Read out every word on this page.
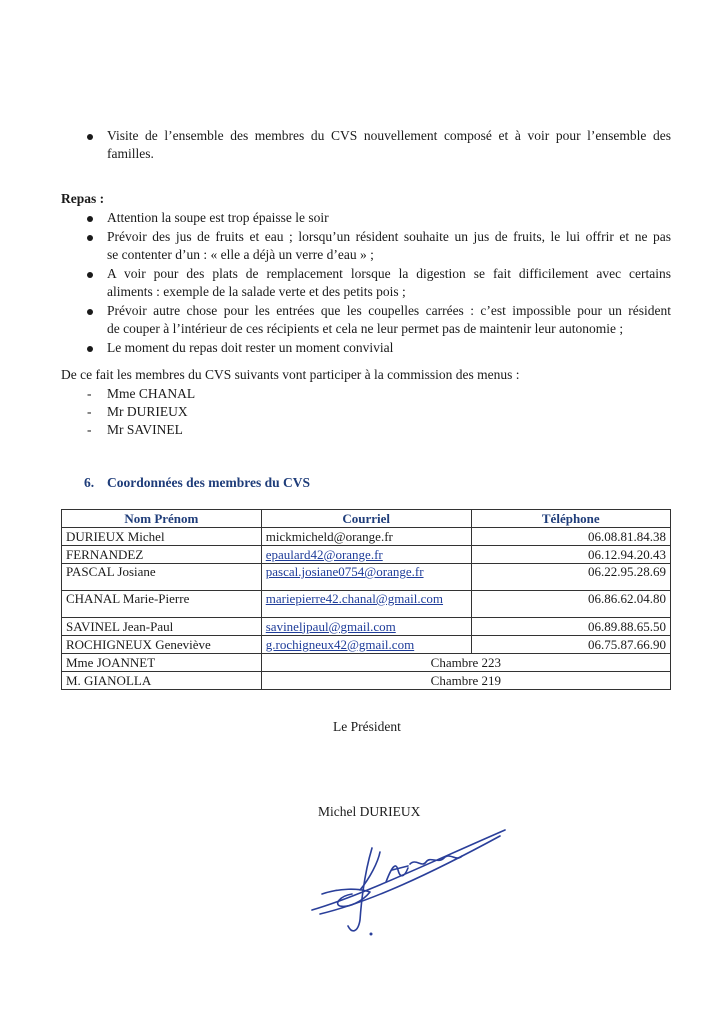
Visite de l’ensemble des membres du CVS nouvellement composé et à voir pour l’ensemble des
familles.
Repas :
Attention la soupe est trop épaisse le soir
Prévoir des jus de fruits et eau ; lorsqu’un résident souhaite un jus de fruits, le lui offrir et ne pas
se contenter d’un : « elle a déjà un verre d’eau » ;
A voir pour des plats de remplacement lorsque la digestion se fait difficilement avec certains
aliments : exemple de la salade verte et des petits pois ;
Prévoir autre chose pour les entrées que les coupelles carrées : c’est impossible pour un résident
de couper à l’intérieur de ces récipients et cela ne leur permet pas de maintenir leur autonomie ;
Le moment du repas doit rester un moment convivial
De ce fait les membres du CVS suivants vont participer à la commission des menus :
- Mme CHANAL
- Mr DURIEUX
- Mr SAVINEL
6. Coordonnées des membres du CVS
Nom Prénom	Courriel	Téléphone
DURIEUX Michel	mickmicheld@orange.fr	06.08.81.84.38
FERNANDEZ	epaulard42@orange.fr	06.12.94.20.43
PASCAL Josiane	pascal.josiane0754@orange.fr	06.22.95.28.69
CHANAL Marie-Pierre	mariepierre42.chanal@gmail.com	06.86.62.04.80
SAVINEL Jean-Paul	savineljpaul@gmail.com	06.89.88.65.50
ROCHIGNEUX Geneviève	g.rochigneux42@gmail.com	06.75.87.66.90
Mme JOANNET	Chambre 223	
M. GIANOLLA	Chambre 219	
Le Président
Michel DURIEUX
